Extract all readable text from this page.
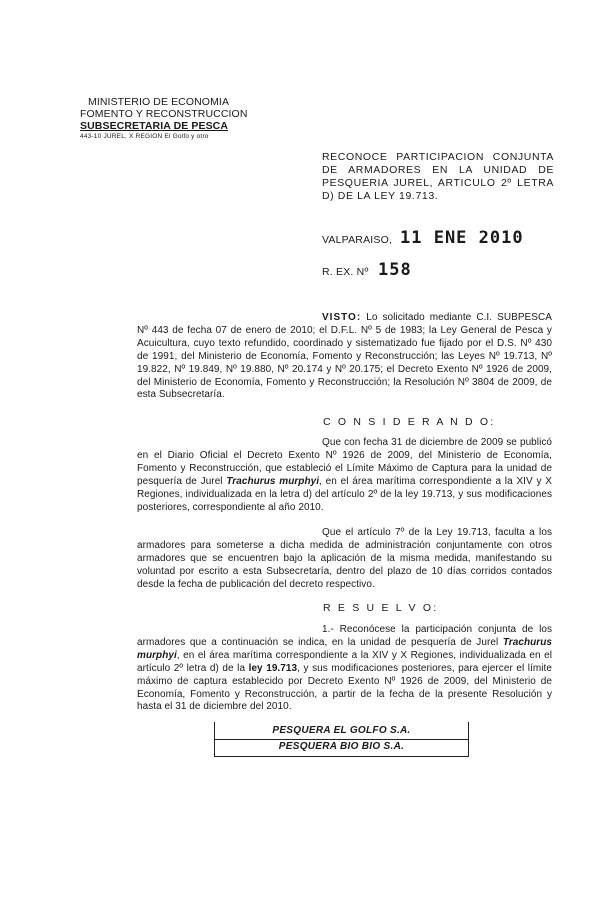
MINISTERIO DE ECONOMIA
FOMENTO Y RECONSTRUCCION
SUBSECRETARIA DE PESCA
443-10 JUREL, X REGION El Golfo y otro
RECONOCE PARTICIPACION CONJUNTA DE ARMADORES EN LA UNIDAD DE PESQUERIA JUREL, ARTICULO 2º LETRA D) DE LA LEY 19.713.
VALPARAISO, 11 ENE 2010
R. EX. Nº 158
VISTO: Lo solicitado mediante C.I. SUBPESCA Nº 443 de fecha 07 de enero de 2010; el D.F.L. Nº 5 de 1983; la Ley General de Pesca y Acuicultura, cuyo texto refundido, coordinado y sistematizado fue fijado por el D.S. Nº 430 de 1991, del Ministerio de Economía, Fomento y Reconstrucción; las Leyes Nº 19.713, Nº 19.822, Nº 19.849, Nº 19.880, Nº 20.174 y Nº 20.175; el Decreto Exento Nº 1926 de 2009, del Ministerio de Economía, Fomento y Reconstrucción; la Resolución Nº 3804 de 2009, de esta Subsecretaría.
C O N S I D E R A N D O:
Que con fecha 31 de diciembre de 2009 se publicó en el Diario Oficial el Decreto Exento Nº 1926 de 2009, del Ministerio de Economía, Fomento y Reconstrucción, que estableció el Límite Máximo de Captura para la unidad de pesquería de Jurel Trachurus murphyi, en el área marítima correspondiente a la XIV y X Regiones, individualizada en la letra d) del artículo 2º de la ley 19.713, y sus modificaciones posteriores, correspondiente al año 2010.
Que el artículo 7º de la Ley 19.713, faculta a los armadores para someterse a dicha medida de administración conjuntamente con otros armadores que se encuentren bajo la aplicación de la misma medida, manifestando su voluntad por escrito a esta Subsecretaría, dentro del plazo de 10 días corridos contados desde la fecha de publicación del decreto respectivo.
R E S U E L V O:
1.- Reconócese la participación conjunta de los armadores que a continuación se indica, en la unidad de pesquería de Jurel Trachurus murphyi, en el área marítima correspondiente a la XIV y X Regiones, individualizada en el artículo 2º letra d) de la ley 19.713, y sus modificaciones posteriores, para ejercer el límite máximo de captura establecido por Decreto Exento Nº 1926 de 2009, del Ministerio de Economía, Fomento y Reconstrucción, a partir de la fecha de la presente Resolución y hasta el 31 de diciembre del 2010.
PESQUERA EL GOLFO S.A.
PESQUERA BIO BIO S.A.
